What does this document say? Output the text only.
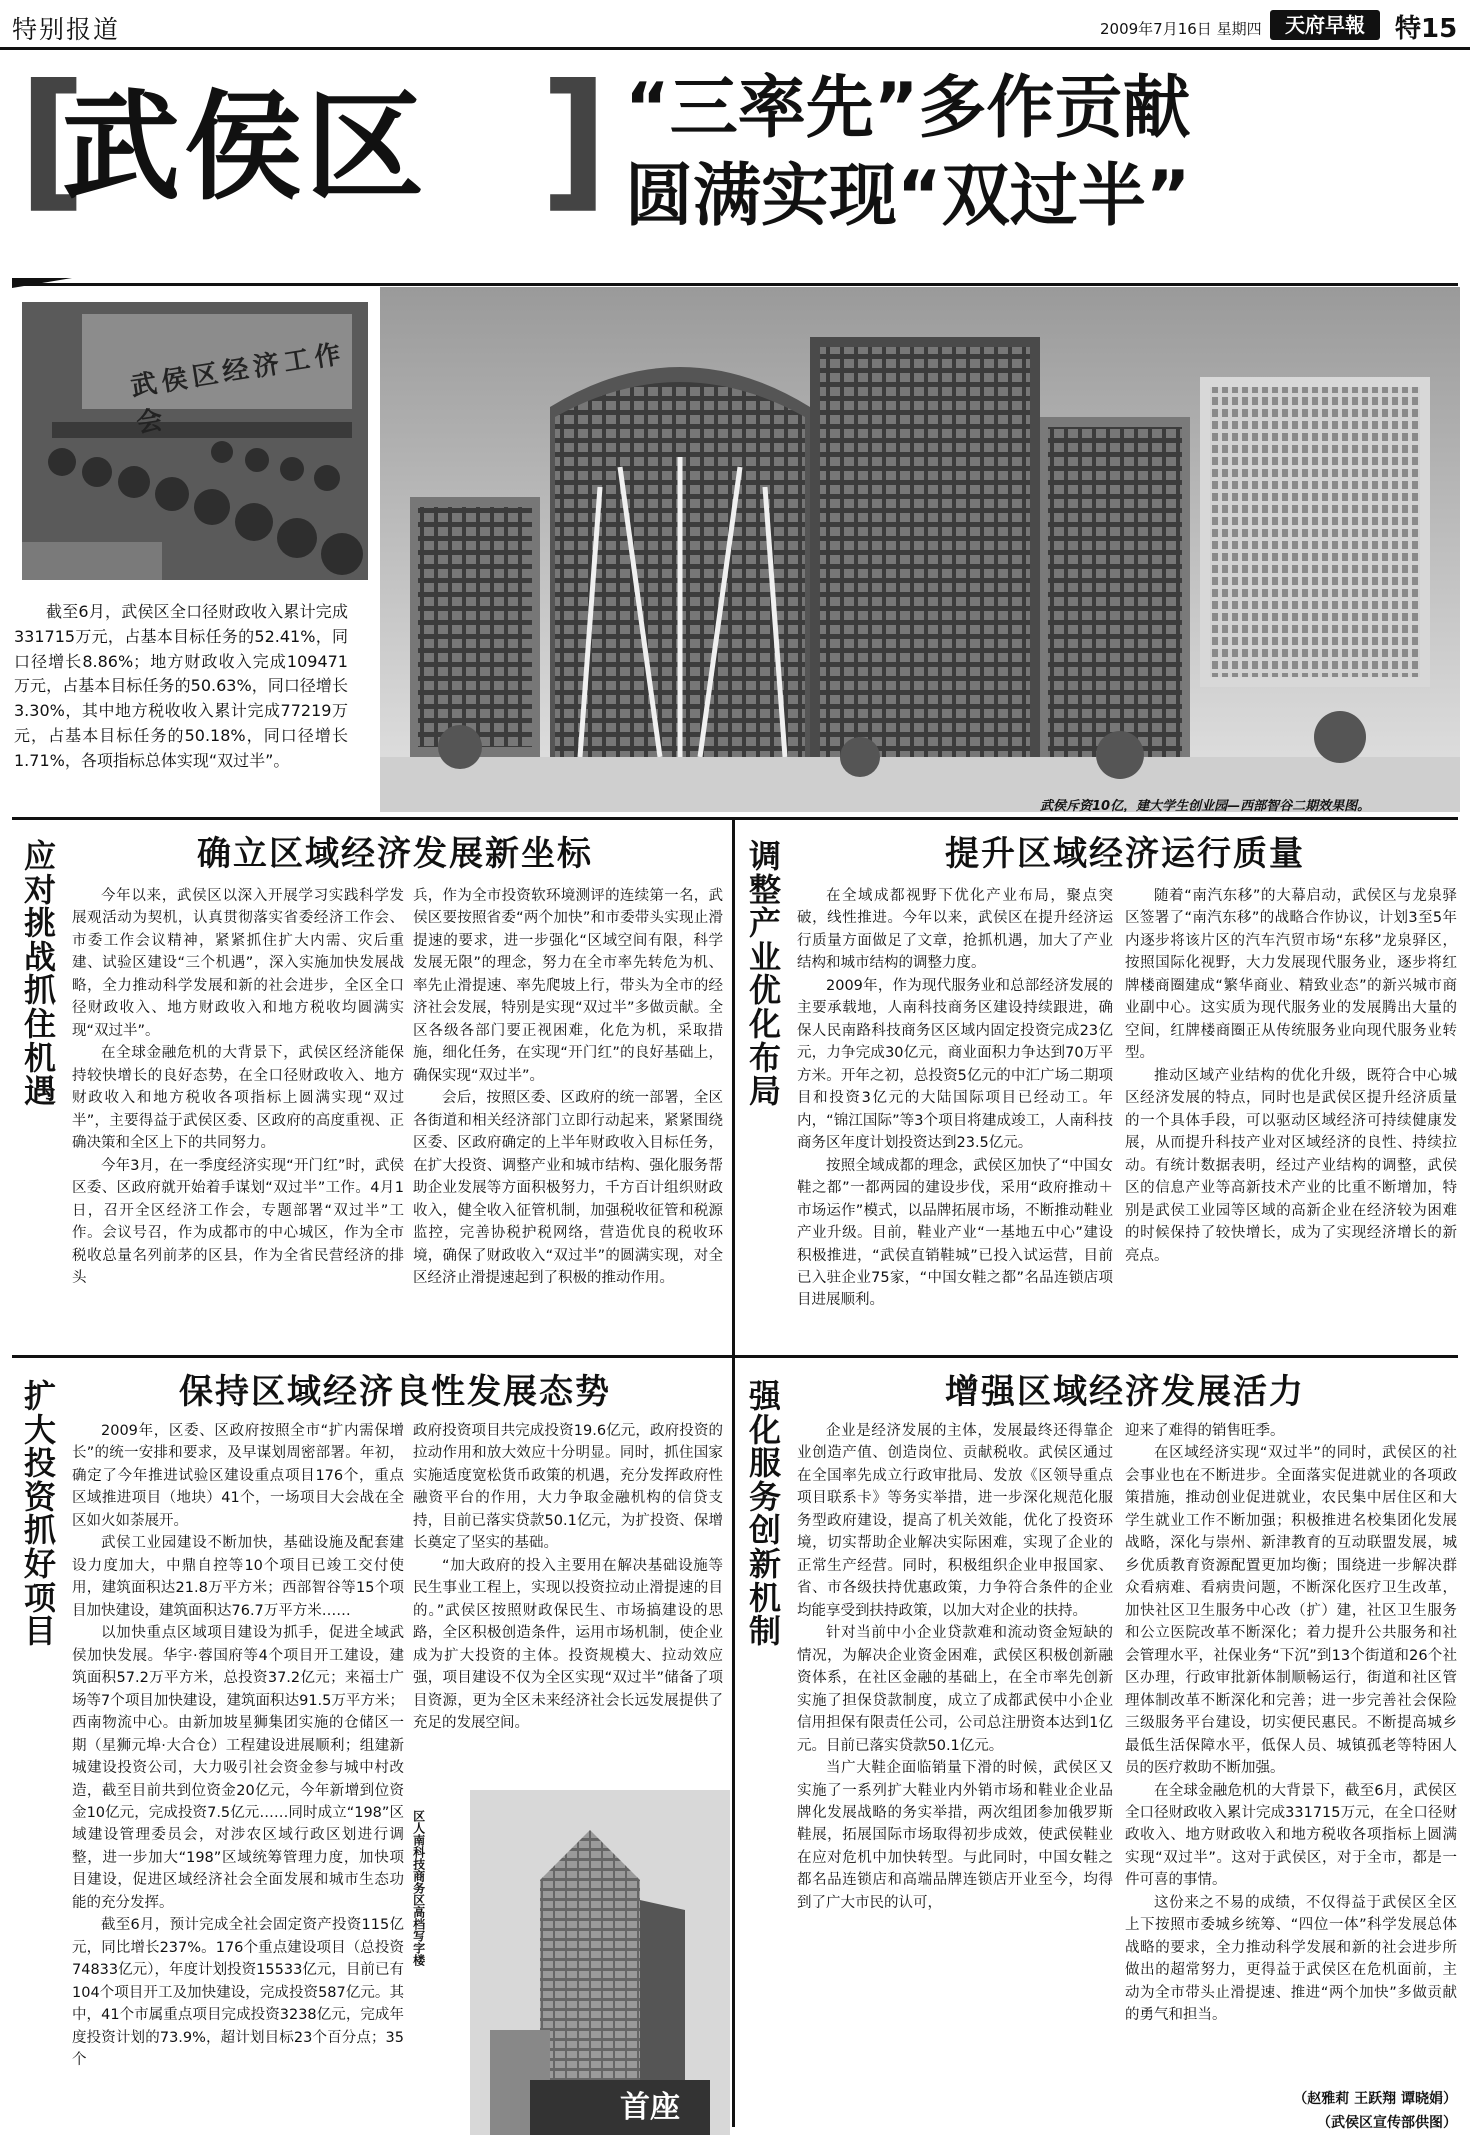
特别报道	2009年7月16日 星期四	天府早報	特15
[
武侯区 ] “三率先”多作贡献
圆满实现“双过半”
武侯区经济工作会
武侯斥资10亿，建大学生创业园—西部智谷二期效果图。
截至6月，武侯区全口径财政收入累计完成331715万元，占基本目标任务的52.41%，同口径增长8.86%；地方财政收入完成109471万元，占基本目标任务的50.63%，同口径增长3.30%，其中地方税收收入累计完成77219万元，占基本目标任务的50.18%，同口径增长1.71%，各项指标总体实现“双过半”。
应对挑战 抓住机遇
确立区域经济发展新坐标

今年以来，武侯区以深入开展学习实践科学发展观活动为契机，认真贯彻落实省委经济工作会、市委工作会议精神，紧紧抓住扩大内需、灾后重建、试验区建设“三个机遇”，深入实施加快发展战略，全力推动科学发展和新的社会进步，全区全口径财政收入、地方财政收入和地方税收均圆满实现“双过半”。

在全球金融危机的大背景下，武侯区经济能保持较快增长的良好态势，在全口径财政收入、地方财政收入和地方税收各项指标上圆满实现“双过半”，主要得益于武侯区委、区政府的高度重视、正确决策和全区上下的共同努力。

今年3月，在一季度经济实现“开门红”时，武侯区委、区政府就开始着手谋划“双过半”工作。4月1日，召开全区经济工作会，专题部署“双过半”工作。会议号召，作为成都市的中心城区，作为全市税收总量名列前茅的区县，作为全省民营经济的排头

兵，作为全市投资软环境测评的连续第一名，武侯区要按照省委“两个加快”和市委带头实现止滑提速的要求，进一步强化“区域空间有限，科学发展无限”的理念，努力在全市率先转危为机、率先止滑提速、率先爬坡上行，带头为全市的经济社会发展，特别是实现“双过半”多做贡献。全区各级各部门要正视困难，化危为机，采取措施，细化任务，在实现“开门红”的良好基础上，确保实现“双过半”。

会后，按照区委、区政府的统一部署，全区各街道和相关经济部门立即行动起来，紧紧围绕区委、区政府确定的上半年财政收入目标任务，在扩大投资、调整产业和城市结构、强化服务帮助企业发展等方面积极努力，千方百计组织财政收入，健全收入征管机制，加强税收征管和税源监控，完善协税护税网络，营造优良的税收环境，确保了财政收入“双过半”的圆满实现，对全区经济止滑提速起到了积极的推动作用。

调整产业 优化布局
提升区域经济运行质量

在全域成都视野下优化产业布局，聚点突破，线性推进。今年以来，武侯区在提升经济运行质量方面做足了文章，抢抓机遇，加大了产业结构和城市结构的调整力度。

2009年，作为现代服务业和总部经济发展的主要承载地，人南科技商务区建设持续跟进，确保人民南路科技商务区区域内固定投资完成23亿元，力争完成30亿元，商业面积力争达到70万平方米。开年之初，总投资5亿元的中汇广场二期项目和投资3亿元的大陆国际项目已经动工。年内，“锦江国际”等3个项目将建成竣工，人南科技商务区年度计划投资达到23.5亿元。

按照全域成都的理念，武侯区加快了“中国女鞋之都”一都两园的建设步伐，采用“政府推动＋市场运作”模式，以品牌拓展市场，不断推动鞋业产业升级。目前，鞋业产业“一基地五中心”建设积极推进，“武侯直销鞋城”已投入试运营，目前已入驻企业75家，“中国女鞋之都”名品连锁店项目进展顺利。

随着“南汽东移”的大幕启动，武侯区与龙泉驿区签署了“南汽东移”的战略合作协议，计划3至5年内逐步将该片区的汽车汽贸市场“东移”龙泉驿区，按照国际化视野，大力发展现代服务业，逐步将红牌楼商圈建成“繁华商业、精致业态”的新兴城市商业副中心。这实质为现代服务业的发展腾出大量的空间，红牌楼商圈正从传统服务业向现代服务业转型。

推动区域产业结构的优化升级，既符合中心城区经济发展的特点，同时也是武侯区提升经济质量的一个具体手段，可以驱动区域经济可持续健康发展，从而提升科技产业对区域经济的良性、持续拉动。有统计数据表明，经过产业结构的调整，武侯区的信息产业等高新技术产业的比重不断增加，特别是武侯工业园等区域的高新企业在经济较为困难的时候保持了较快增长，成为了实现经济增长的新亮点。

扩大投资 抓好项目
保持区域经济良性发展态势

2009年，区委、区政府按照全市“扩内需保增长”的统一安排和要求，及早谋划周密部署。年初，确定了今年推进试验区建设重点项目176个，重点区域推进项目（地块）41个，一场项目大会战在全区如火如荼展开。

武侯工业园建设不断加快，基础设施及配套建设力度加大，中鼎自控等10个项目已竣工交付使用，建筑面积达21.8万平方米；西部智谷等15个项目加快建设，建筑面积达76.7万平方米……

以加快重点区域项目建设为抓手，促进全域武侯加快发展。华宇·蓉国府等4个项目开工建设，建筑面积57.2万平方米，总投资37.2亿元；来福士广场等7个项目加快建设，建筑面积达91.5万平方米；西南物流中心。由新加坡星狮集团实施的仓储区一期（星狮元埠·大合仓）工程建设进展顺利；组建新城建设投资公司，大力吸引社会资金参与城中村改造，截至目前共到位资金20亿元，今年新增到位资金10亿元，完成投资7.5亿元……同时成立“198”区域建设管理委员会，对涉农区域行政区划进行调整，进一步加大“198”区域统筹管理力度，加快项目建设，促进区域经济社会全面发展和城市生态功能的充分发挥。

截至6月，预计完成全社会固定资产投资115亿元，同比增长237%。176个重点建设项目（总投资74833亿元），年度计划投资15533亿元，目前已有104个项目开工及加快建设，完成投资587亿元。其中，41个市属重点项目完成投资3238亿元，完成年度投资计划的73.9%，超计划目标23个百分点；35个

政府投资项目共完成投资19.6亿元，政府投资的拉动作用和放大效应十分明显。同时，抓住国家实施适度宽松货币政策的机遇，充分发挥政府性融资平台的作用，大力争取金融机构的信贷支持，目前已落实贷款50.1亿元，为扩投资、保增长奠定了坚实的基础。

“加大政府的投入主要用在解决基础设施等民生事业工程上，实现以投资拉动止滑提速的目的。”武侯区按照财政保民生、市场搞建设的思路，全区积极创造条件，运用市场机制，使企业成为扩大投资的主体。投资规模大、拉动效应强，项目建设不仅为全区实现“双过半”储备了项目资源，更为全区未来经济社会长远发展提供了充足的发展空间。

首座
区人南科技商务区高档写字楼
强化服务 创新机制
增强区域经济发展活力

企业是经济发展的主体，发展最终还得靠企业创造产值、创造岗位、贡献税收。武侯区通过在全国率先成立行政审批局、发放《区领导重点项目联系卡》等务实举措，进一步深化规范化服务型政府建设，提高了机关效能，优化了投资环境，切实帮助企业解决实际困难，实现了企业的正常生产经营。同时，积极组织企业申报国家、省、市各级扶持优惠政策，力争符合条件的企业均能享受到扶持政策，以加大对企业的扶持。

针对当前中小企业贷款难和流动资金短缺的情况，为解决企业资金困难，武侯区积极创新融资体系，在社区金融的基础上，在全市率先创新实施了担保贷款制度，成立了成都武侯中小企业信用担保有限责任公司，公司总注册资本达到1亿元。目前已落实贷款50.1亿元。

当广大鞋企面临销量下滑的时候，武侯区又实施了一系列扩大鞋业内外销市场和鞋业企业品牌化发展战略的务实举措，两次组团参加俄罗斯鞋展，拓展国际市场取得初步成效，使武侯鞋业在应对危机中加快转型。与此同时，中国女鞋之都名品连锁店和高端品牌连锁店开业至今，均得到了广大市民的认可，

迎来了难得的销售旺季。

在区域经济实现“双过半”的同时，武侯区的社会事业也在不断进步。全面落实促进就业的各项政策措施，推动创业促进就业，农民集中居住区和大学生就业工作不断加强；积极推进名校集团化发展战略，深化与崇州、新津教育的互动联盟发展，城乡优质教育资源配置更加均衡；围绕进一步解决群众看病难、看病贵问题，不断深化医疗卫生改革，加快社区卫生服务中心改（扩）建，社区卫生服务和公立医院改革不断深化；着力提升公共服务和社会管理水平，社保业务“下沉”到13个街道和26个社区办理，行政审批新体制顺畅运行，街道和社区管理体制改革不断深化和完善；进一步完善社会保险三级服务平台建设，切实便民惠民。不断提高城乡最低生活保障水平，低保人员、城镇孤老等特困人员的医疗救助不断加强。

在全球金融危机的大背景下，截至6月，武侯区全口径财政收入累计完成331715万元，在全口径财政收入、地方财政收入和地方税收各项指标上圆满实现“双过半”。这对于武侯区，对于全市，都是一件可喜的事情。

这份来之不易的成绩，不仅得益于武侯区全区上下按照市委城乡统筹、“四位一体”科学发展总体战略的要求，全力推动科学发展和新的社会进步所做出的超常努力，更得益于武侯区在危机面前，主动为全市带头止滑提速、推进“两个加快”多做贡献的勇气和担当。

（赵雅莉 王跃翔 谭晓娟）
（武侯区宣传部供图）
